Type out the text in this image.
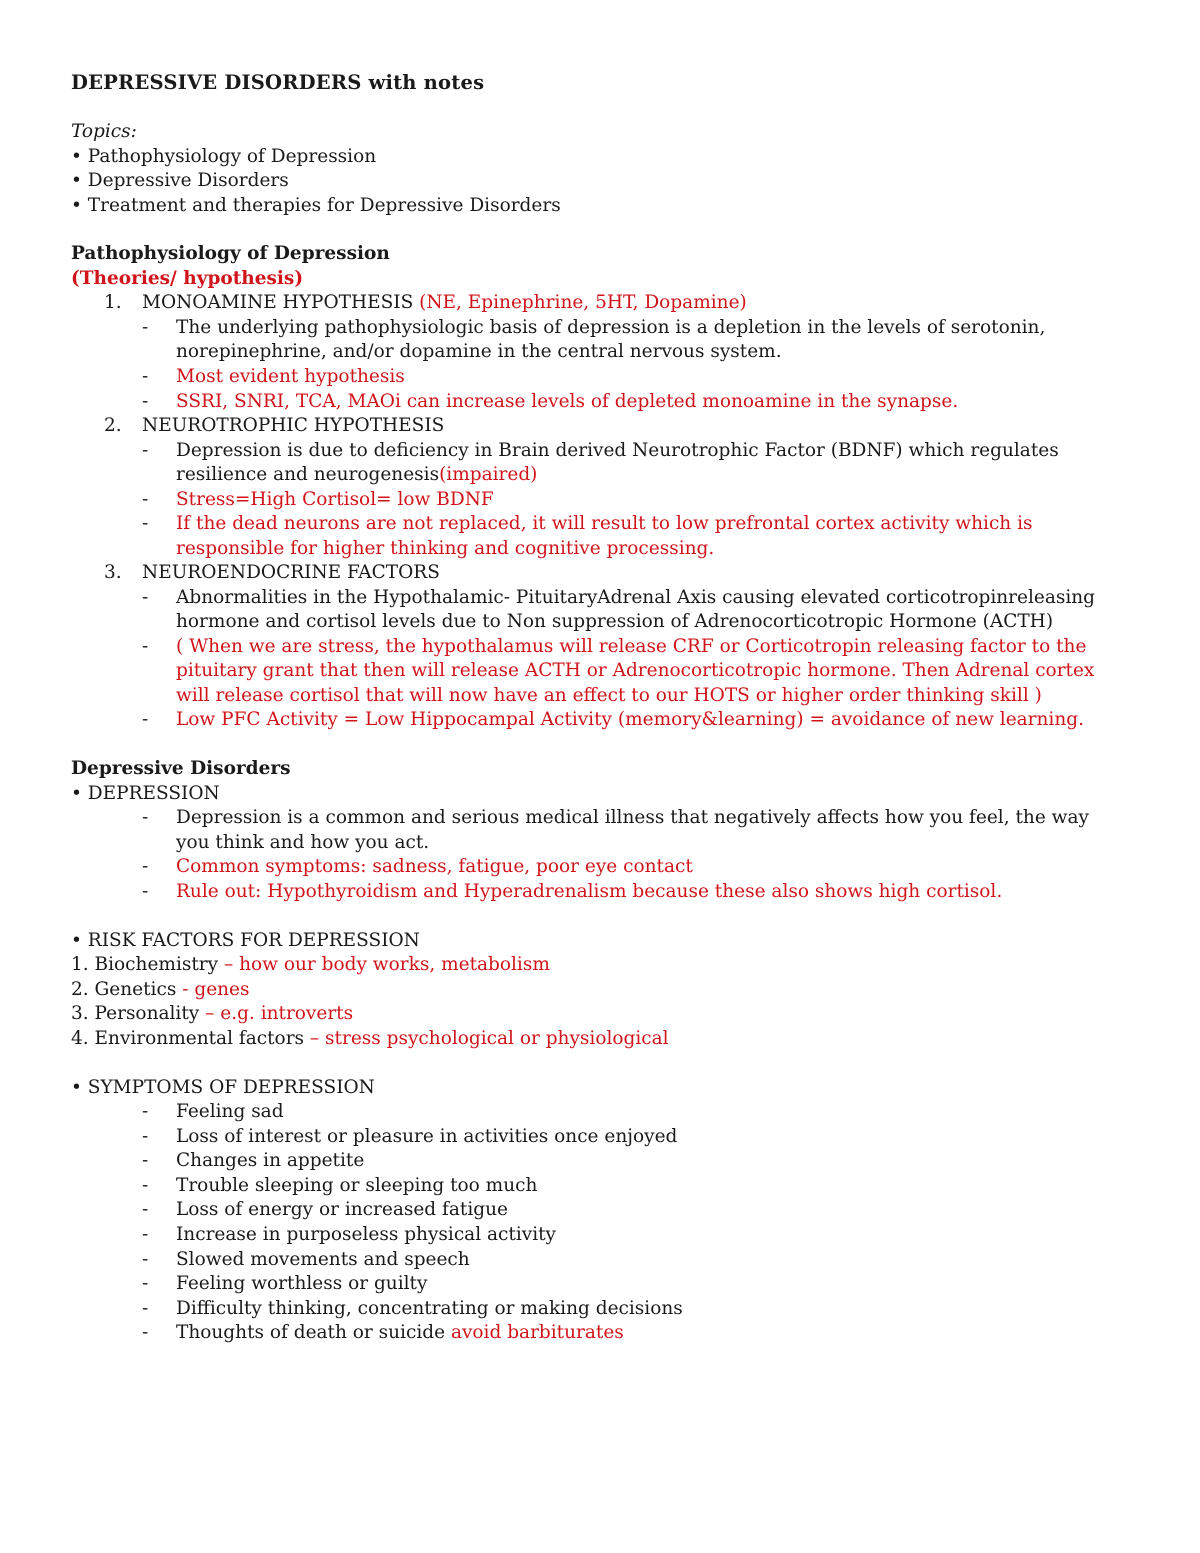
DEPRESSIVE DISORDERS with notes
Topics:
• Pathophysiology of Depression
• Depressive Disorders
• Treatment and therapies for Depressive Disorders
Pathophysiology of Depression
(Theories/ hypothesis)
1. MONOAMINE HYPOTHESIS (NE, Epinephrine, 5HT, Dopamine)
- The underlying pathophysiologic basis of depression is a depletion in the levels of serotonin,
norepinephrine, and/or dopamine in the central nervous system.
- Most evident hypothesis
- SSRI, SNRI, TCA, MAOi can increase levels of depleted monoamine in the synapse.
2. NEUROTROPHIC HYPOTHESIS
- Depression is due to deficiency in Brain derived Neurotrophic Factor (BDNF) which regulates
resilience and neurogenesis(impaired)
- Stress=High Cortisol= low BDNF
- If the dead neurons are not replaced, it will result to low prefrontal cortex activity which is
responsible for higher thinking and cognitive processing.
3. NEUROENDOCRINE FACTORS
- Abnormalities in the Hypothalamic- PituitaryAdrenal Axis causing elevated corticotropinreleasing
hormone and cortisol levels due to Non suppression of Adrenocorticotropic Hormone (ACTH)
- ( When we are stress, the hypothalamus will release CRF or Corticotropin releasing factor to the
pituitary grant that then will release ACTH or Adrenocorticotropic hormone. Then Adrenal cortex
will release cortisol that will now have an effect to our HOTS or higher order thinking skill )
- Low PFC Activity = Low Hippocampal Activity (memory&learning) = avoidance of new learning.
Depressive Disorders
• DEPRESSION
- Depression is a common and serious medical illness that negatively affects how you feel, the way
you think and how you act.
- Common symptoms: sadness, fatigue, poor eye contact
- Rule out: Hypothyroidism and Hyperadrenalism because these also shows high cortisol.
• RISK FACTORS FOR DEPRESSION
1. Biochemistry – how our body works, metabolism
2. Genetics - genes
3. Personality – e.g. introverts
4. Environmental factors – stress psychological or physiological
• SYMPTOMS OF DEPRESSION
- Feeling sad
- Loss of interest or pleasure in activities once enjoyed
- Changes in appetite
- Trouble sleeping or sleeping too much
- Loss of energy or increased fatigue
- Increase in purposeless physical activity
- Slowed movements and speech
- Feeling worthless or guilty
- Difficulty thinking, concentrating or making decisions
- Thoughts of death or suicide avoid barbiturates
